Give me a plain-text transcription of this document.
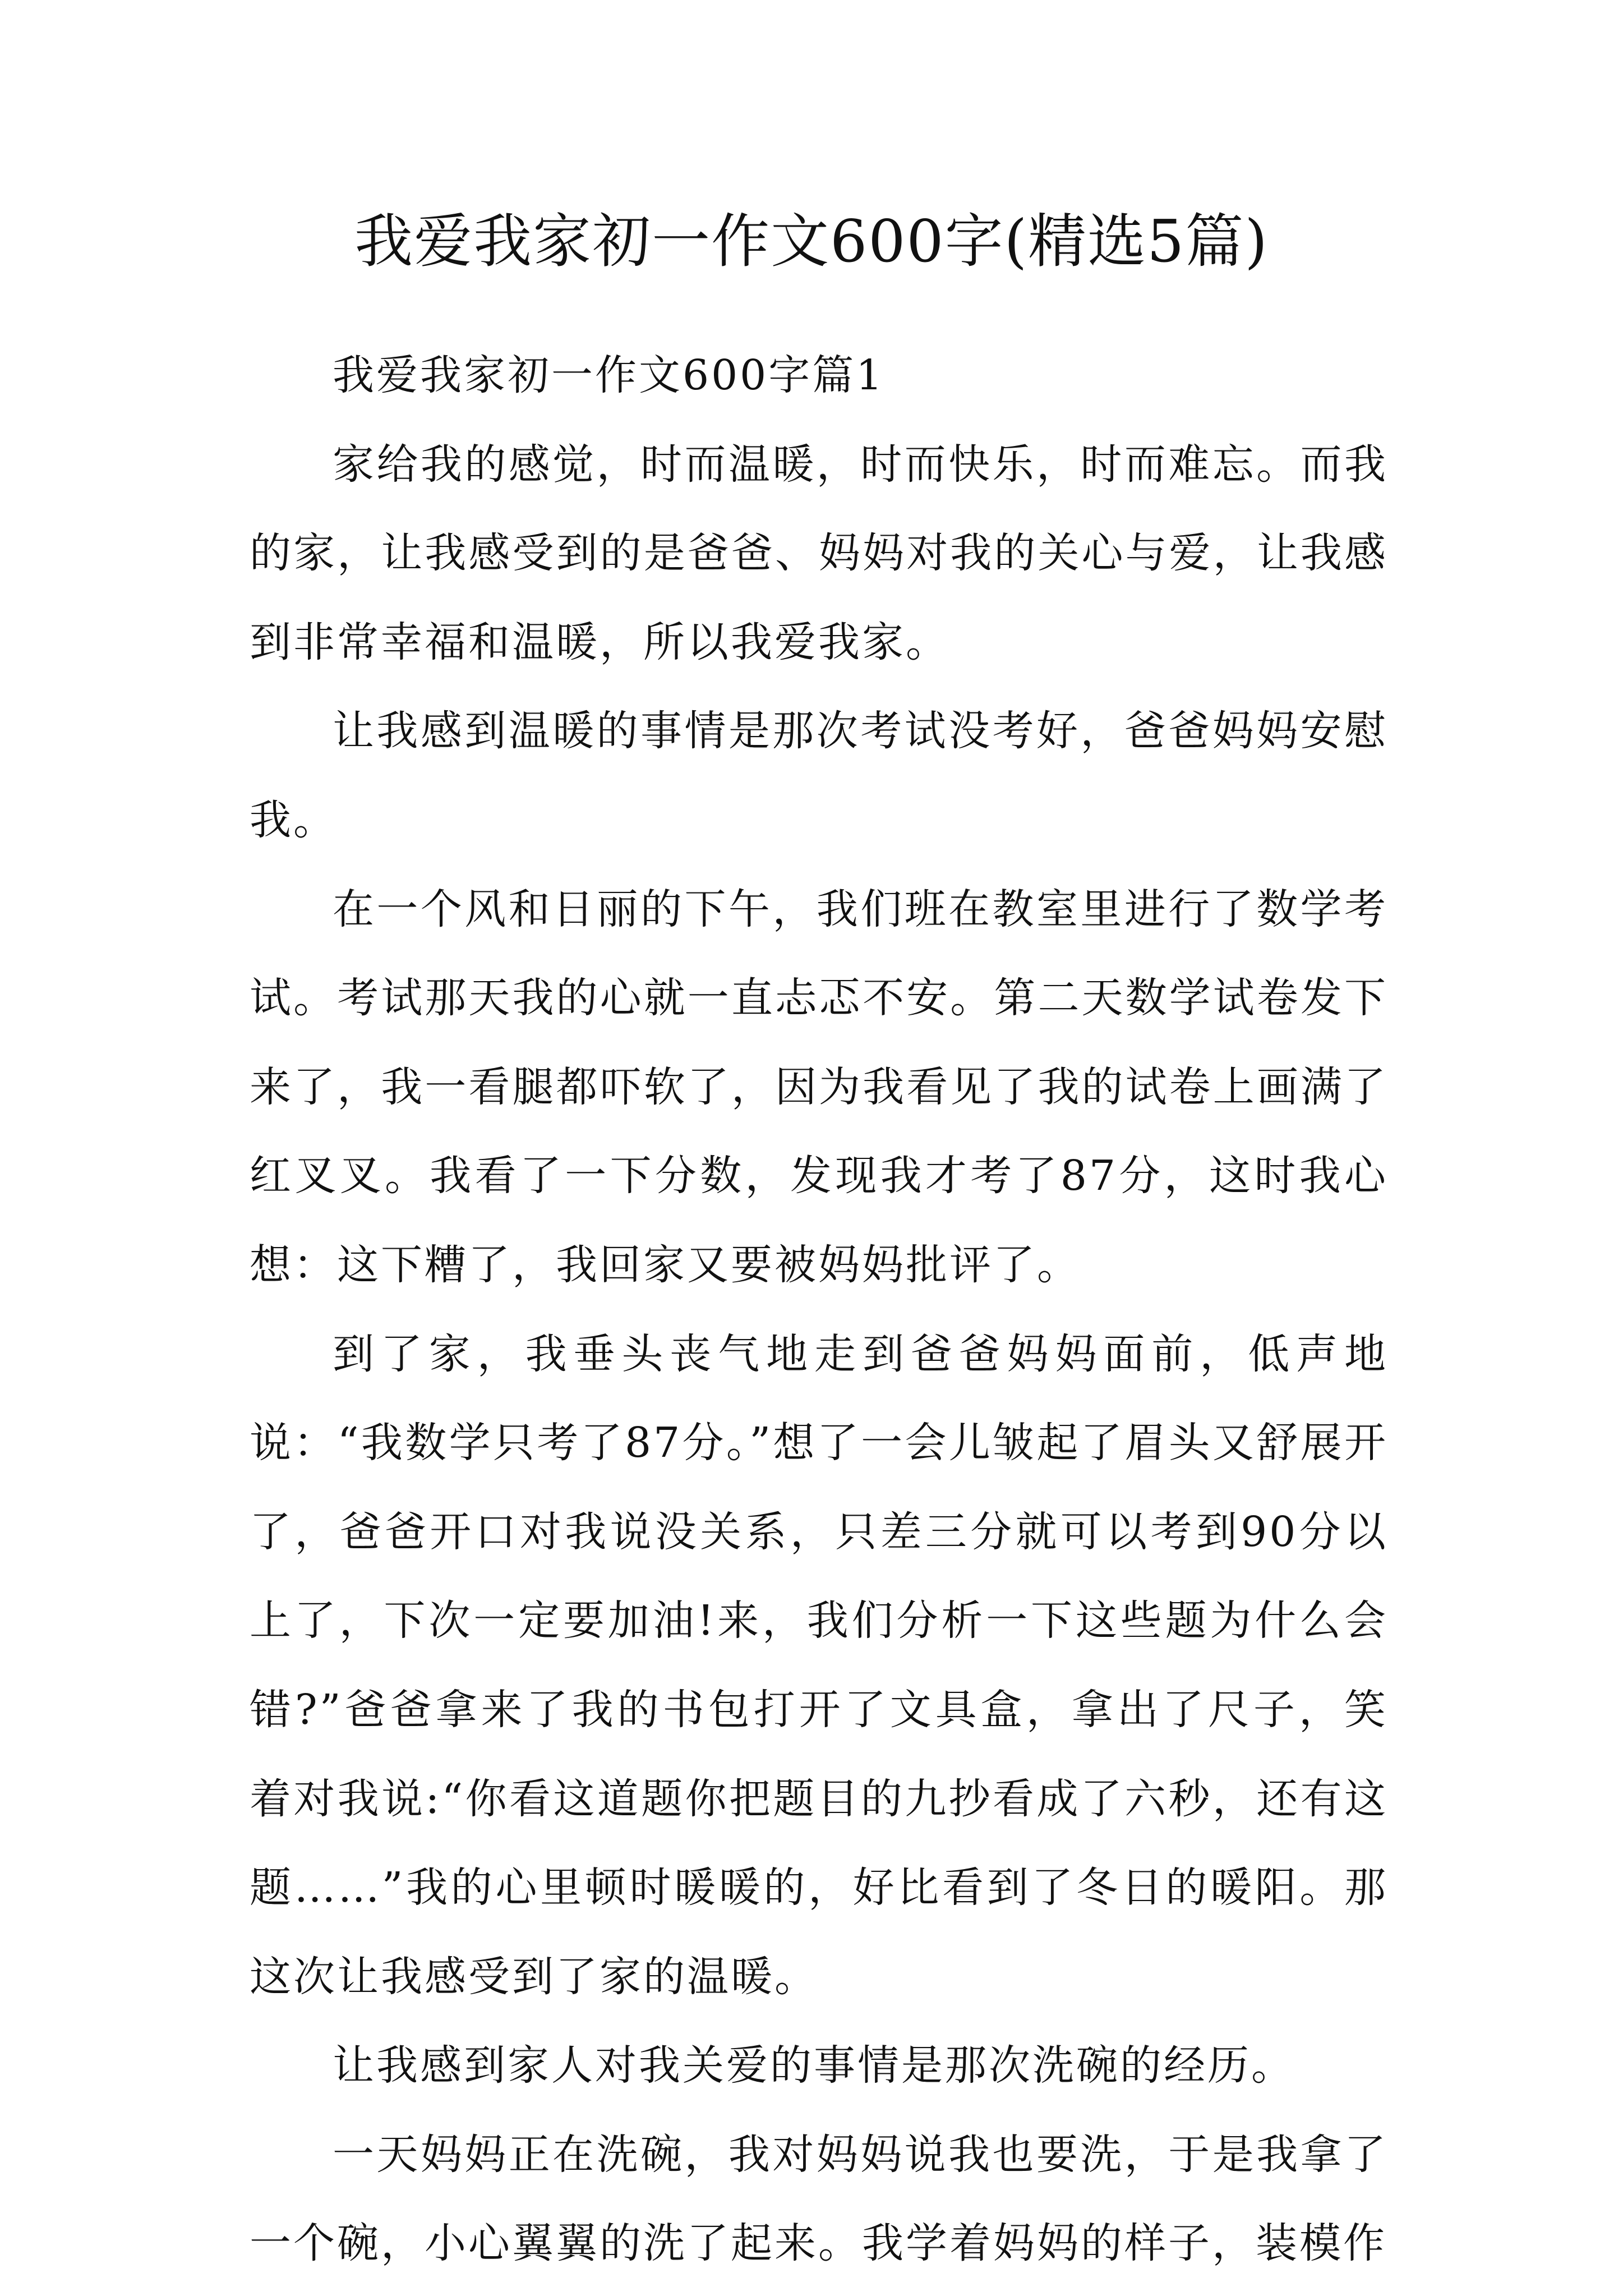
我爱我家初一作文600字(精选5篇)

我爱我家初一作文600字篇1

家给我的感觉，时而温暖，时而快乐，时而难忘。而我的家，让我感受到的是爸爸、妈妈对我的关心与爱，让我感到非常幸福和温暖，所以我爱我家。

让我感到温暖的事情是那次考试没考好，爸爸妈妈安慰我。

在一个风和日丽的下午，我们班在教室里进行了数学考试。考试那天我的心就一直忐忑不安。第二天数学试卷发下来了，我一看腿都吓软了，因为我看见了我的试卷上画满了红叉叉。我看了一下分数，发现我才考了87分，这时我心想：这下糟了，我回家又要被妈妈批评了。

到了家，我垂头丧气地走到爸爸妈妈面前，低声地说：“我数学只考了87分。”想了一会儿皱起了眉头又舒展开了，爸爸开口对我说没关系，只差三分就可以考到90分以上了，下次一定要加油!来，我们分析一下这些题为什么会错?”爸爸拿来了我的书包打开了文具盒，拿出了尺子，笑着对我说:“你看这道题你把题目的九抄看成了六秒，还有这题……”我的心里顿时暖暖的，好比看到了冬日的暖阳。那这次让我感受到了家的温暖。

让我感到家人对我关爱的事情是那次洗碗的经历。

一天妈妈正在洗碗，我对妈妈说我也要洗，于是我拿了一个碗，小心翼翼的洗了起来。我学着妈妈的样子，装模作
